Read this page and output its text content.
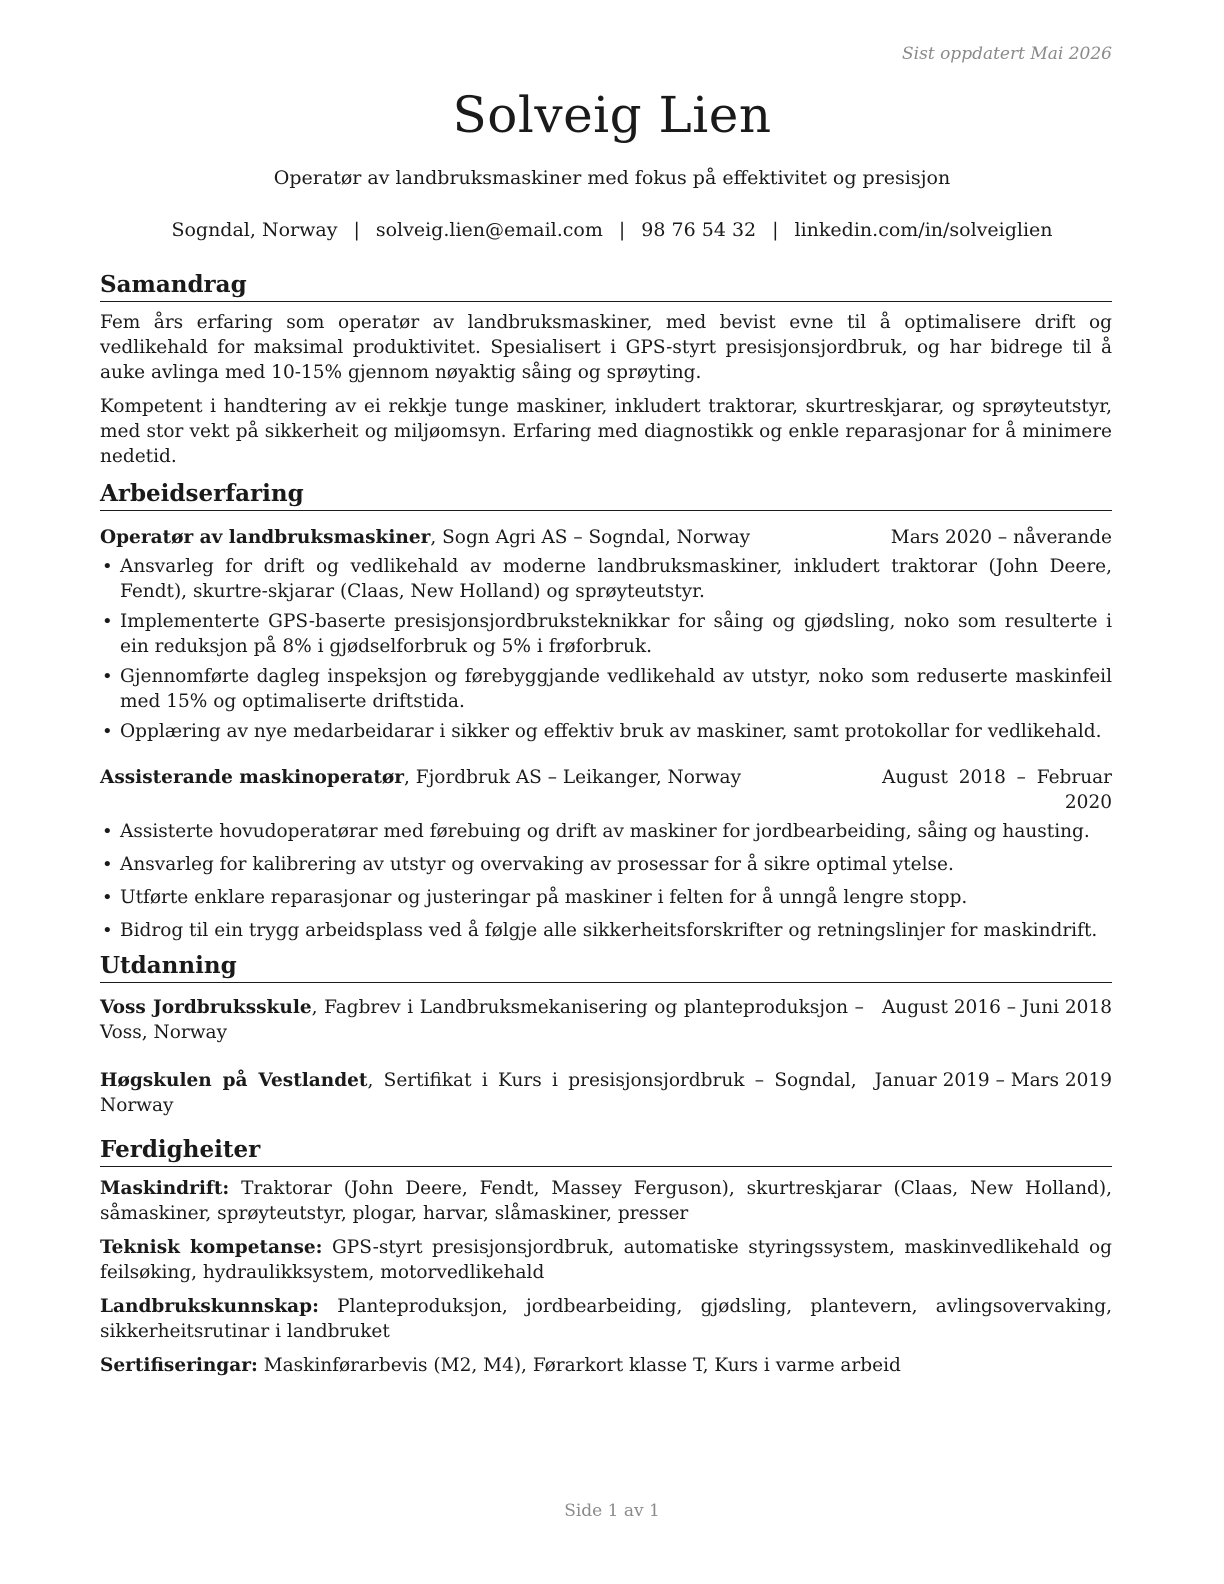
Sist oppdatert Mai 2026
Solveig Lien
Operatør av landbruksmaskiner med fokus på effektivitet og presisjon
Sogndal, Norway | solveig.lien@email.com | 98 76 54 32 | linkedin.com/in/solveiglien
Samandrag

Fem års erfaring som operatør av landbruksmaskiner, med bevist evne til å optimalisere drift og vedlikehald for maksimal produktivitet. Spesialisert i GPS-styrt presisjonsjordbruk, og har bidrege til å auke avlinga med 10-15% gjennom nøyaktig såing og sprøyting.

Kompetent i handtering av ei rekkje tunge maskiner, inkludert traktorar, skurtreskjarar, og sprøyteutstyr, med stor vekt på sikkerheit og miljøomsyn. Erfaring med diagnostikk og enkle reparasjonar for å minimere nedetid.

Arbeidserfaring
Operatør av landbruksmaskiner, Sogn Agri AS – Sogndal, Norway	Mars 2020 – nåverande
• Ansvarleg for drift og vedlikehald av moderne landbruksmaskiner, inkludert traktorar (John Deere, Fendt), skurtre-skjarar (Claas, New Holland) og sprøyteutstyr.
• Implementerte GPS-baserte presisjonsjordbruksteknikkar for såing og gjødsling, noko som resulterte i ein reduksjon på 8% i gjødselforbruk og 5% i frøforbruk.
• Gjennomførte dagleg inspeksjon og førebyggjande vedlikehald av utstyr, noko som reduserte maskinfeil med 15% og optimaliserte driftstida.
• Opplæring av nye medarbeidarar i sikker og effektiv bruk av maskiner, samt protokollar for vedlikehald.
Assisterande maskinoperatør, Fjordbruk AS – Leikanger, Norway	August 2018 – Februar 2020
• Assisterte hovudoperatørar med førebuing og drift av maskiner for jordbearbeiding, såing og hausting.
• Ansvarleg for kalibrering av utstyr og overvaking av prosessar for å sikre optimal ytelse.
• Utførte enklare reparasjonar og justeringar på maskiner i felten for å unngå lengre stopp.
• Bidrog til ein trygg arbeidsplass ved å følgje alle sikkerheitsforskrifter og retningslinjer for maskindrift.
Utdanning
Voss Jordbruksskule, Fagbrev i Landbruksmekanisering og planteproduksjon – Voss, Norway
August 2016 – Juni 2018
Høgskulen på Vestlandet, Sertifikat i Kurs i presisjonsjordbruk – Sogndal, Norway
Januar 2019 – Mars 2019
Ferdigheiter

Maskindrift: Traktorar (John Deere, Fendt, Massey Ferguson), skurtreskjarar (Claas, New Holland), såmaskiner, sprøyteutstyr, plogar, harvar, slåmaskiner, presser

Teknisk kompetanse: GPS-styrt presisjonsjordbruk, automatiske styringssystem, maskinvedlikehald og feilsøking, hydraulikksystem, motorvedlikehald

Landbrukskunnskap: Planteproduksjon, jordbearbeiding, gjødsling, plantevern, avlingsovervaking, sikkerheitsrutinar i landbruket

Sertifiseringar: Maskinførarbevis (M2, M4), Førarkort klasse T, Kurs i varme arbeid

Side 1 av 1
